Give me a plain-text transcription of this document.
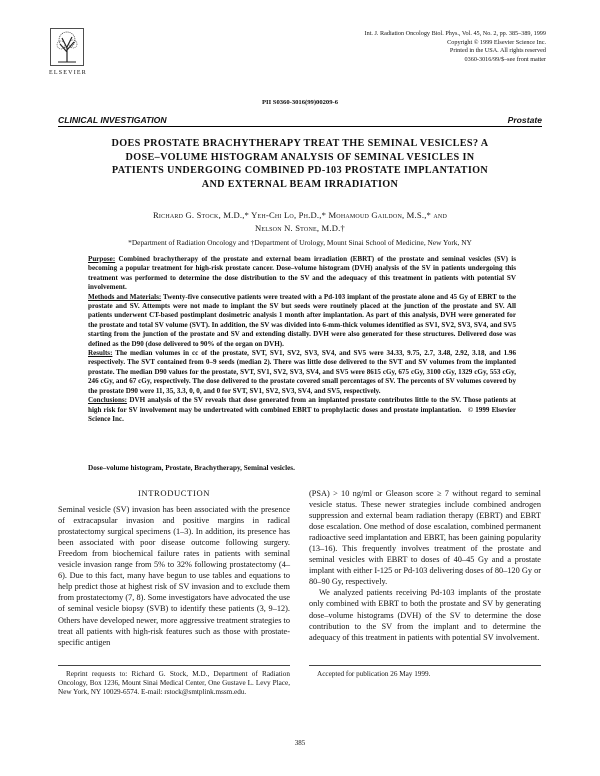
ELSEVIER
Int. J. Radiation Oncology Biol. Phys., Vol. 45, No. 2, pp. 385–389, 1999
Copyright © 1999 Elsevier Science Inc.
Printed in the USA. All rights reserved
0360-3016/99/$–see front matter
PII S0360-3016(99)00209-6
CLINICAL INVESTIGATION	Prostate
DOES PROSTATE BRACHYTHERAPY TREAT THE SEMINAL VESICLES? A
DOSE–VOLUME HISTOGRAM ANALYSIS OF SEMINAL VESICLES IN
PATIENTS UNDERGOING COMBINED PD-103 PROSTATE IMPLANTATION
AND EXTERNAL BEAM IRRADIATION
Richard G. Stock, M.D.,* Yeh-Chi Lo, Ph.D.,* Mohamoud Gaildon, M.S.,* and
Nelson N. Stone, M.D.†
*Department of Radiation Oncology and †Department of Urology, Mount Sinai School of Medicine, New York, NY

Purpose: Combined brachytherapy of the prostate and external beam irradiation (EBRT) of the prostate and seminal vesicles (SV) is becoming a popular treatment for high-risk prostate cancer. Dose–volume histogram (DVH) analysis of the SV in patients undergoing this treatment was performed to determine the dose distribution to the SV and the adequacy of this treatment in patients with potential SV involvement.

Methods and Materials: Twenty-five consecutive patients were treated with a Pd-103 implant of the prostate alone and 45 Gy of EBRT to the prostate and SV. Attempts were not made to implant the SV but seeds were routinely placed at the junction of the prostate and SV. All patients underwent CT-based postimplant dosimetric analysis 1 month after implantation. As part of this analysis, DVH were generated for the prostate and total SV volume (SVT). In addition, the SV was divided into 6-mm-thick volumes identified as SV1, SV2, SV3, SV4, and SV5 starting from the junction of the prostate and SV and extending distally. DVH were also generated for these structures. Delivered dose was defined as the D90 (dose delivered to 90% of the organ on DVH).

Results: The median volumes in cc of the prostate, SVT, SV1, SV2, SV3, SV4, and SV5 were 34.33, 9.75, 2.7, 3.48, 2.92, 3.18, and 1.96 respectively. The SVT contained from 0–9 seeds (median 2). There was little dose delivered to the SVT and SV volumes from the implanted prostate. The median D90 values for the prostate, SVT, SV1, SV2, SV3, SV4, and SV5 were 8615 cGy, 675 cGy, 3100 cGy, 1329 cGy, 553 cGy, 246 cGy, and 67 cGy, respectively. The dose delivered to the prostate covered small percentages of SV. The percents of SV volumes covered by the prostate D90 were 11, 35, 3.3, 0, 0, and 0 for SVT, SV1, SV2, SV3, SV4, and SV5, respectively.

Conclusions: DVH analysis of the SV reveals that dose generated from an implanted prostate contributes little to the SV. Those patients at high risk for SV involvement may be undertreated with combined EBRT to prophylactic doses and prostate implantation. © 1999 Elsevier Science Inc.

Dose–volume histogram, Prostate, Brachytherapy, Seminal vesicles.
INTRODUCTION

Seminal vesicle (SV) invasion has been associated with the presence of extracapsular invasion and positive margins in radical prostatectomy surgical specimens (1–3). In addition, its presence has been associated with poor disease outcome following surgery. Freedom from biochemical failure rates in patients with seminal vesicle invasion range from 5% to 32% following prostatectomy (4–6). Due to this fact, many have begun to use tables and equations to help predict those at highest risk of SV invasion and to exclude them from prostatectomy (7, 8). Some investigators have advocated the use of seminal vesicle biopsy (SVB) to identify these patients (3, 9–12). Others have developed newer, more aggressive treatment strategies to treat all patients with high-risk features such as those with prostate-specific antigen

(PSA) > 10 ng/ml or Gleason score ≥ 7 without regard to seminal vesicle status. These newer strategies include combined androgen suppression and external beam radiation therapy (EBRT) and EBRT dose escalation. One method of dose escalation, combined permanent radioactive seed implantation and EBRT, has been gaining popularity (13–16). This frequently involves treatment of the prostate and seminal vesicles with EBRT to doses of 40–45 Gy and a prostate implant with either I-125 or Pd-103 delivering doses of 80–120 Gy or 80–90 Gy, respectively.

We analyzed patients receiving Pd-103 implants of the prostate only combined with EBRT to both the prostate and SV by generating dose–volume histograms (DVH) of the SV to determine the dose contribution to the SV from the implant and to determine the adequacy of this treatment in patients with potential SV involvement.

Reprint requests to: Richard G. Stock, M.D., Department of Radiation Oncology, Box 1236, Mount Sinai Medical Center, One Gustave L. Levy Place, New York, NY 10029-6574. E-mail: rstock@smtplink.mssm.edu.
Accepted for publication 26 May 1999.
385
